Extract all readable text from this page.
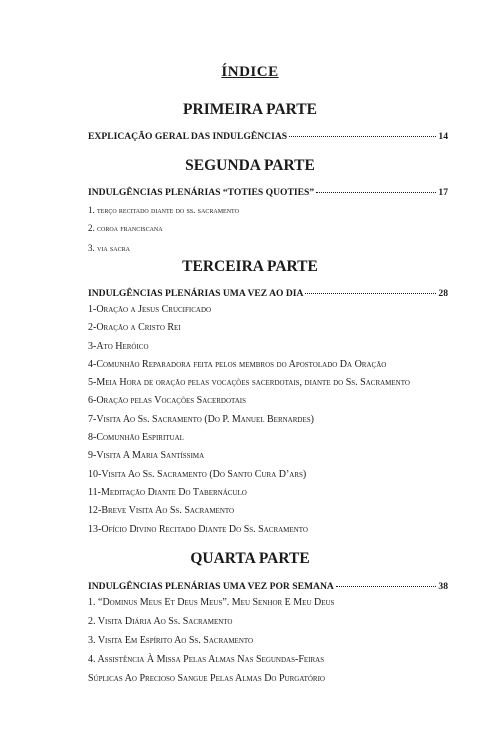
ÍNDICE
PRIMEIRA PARTE
EXPLICAÇÃO GERAL DAS INDULGÊNCIAS	14
SEGUNDA PARTE
INDULGÊNCIAS PLENÁRIAS “TOTIES QUOTIES”	17
1. terço recitado diante do ss. sacramento
2. coroa franciscana
3. via sacra
TERCEIRA PARTE
INDULGÊNCIAS PLENÁRIAS UMA VEZ AO DIA	28
1-Oração a Jesus Crucificado
2-Oração a Cristo Rei
3-Ato Heróico
4-Comunhão Reparadora feita pelos membros do Apostolado Da Oração
5-Meia Hora de oração pelas vocações sacerdotais, diante do Ss. Sacramento
6-Oração pelas Vocações Sacerdotais
7-Visita Ao Ss. Sacramento (Do P. Manuel Bernardes)
8-Comunhão Espiritual
9-Visita A Maria Santíssima
10-Visita Ao Ss. Sacramento (Do Santo Cura D’ars)
11-Meditação Diante Do Tabernáculo
12-Breve Visita Ao Ss. Sacramento
13-Ofício Divino Recitado Diante Do Ss. Sacramento
QUARTA PARTE
INDULGÊNCIAS PLENÁRIAS UMA VEZ POR SEMANA	38
1. “Dominus Meus Et Deus Meus”. Meu Senhor E Meu Deus
2. Visita Diária Ao Ss. Sacramento
3. Visita Em Espírito Ao Ss. Sacramento
4. Assistência À Missa Pelas Almas Nas Segundas-Feiras
Súplicas Ao Precioso Sangue Pelas Almas Do Purgatório
